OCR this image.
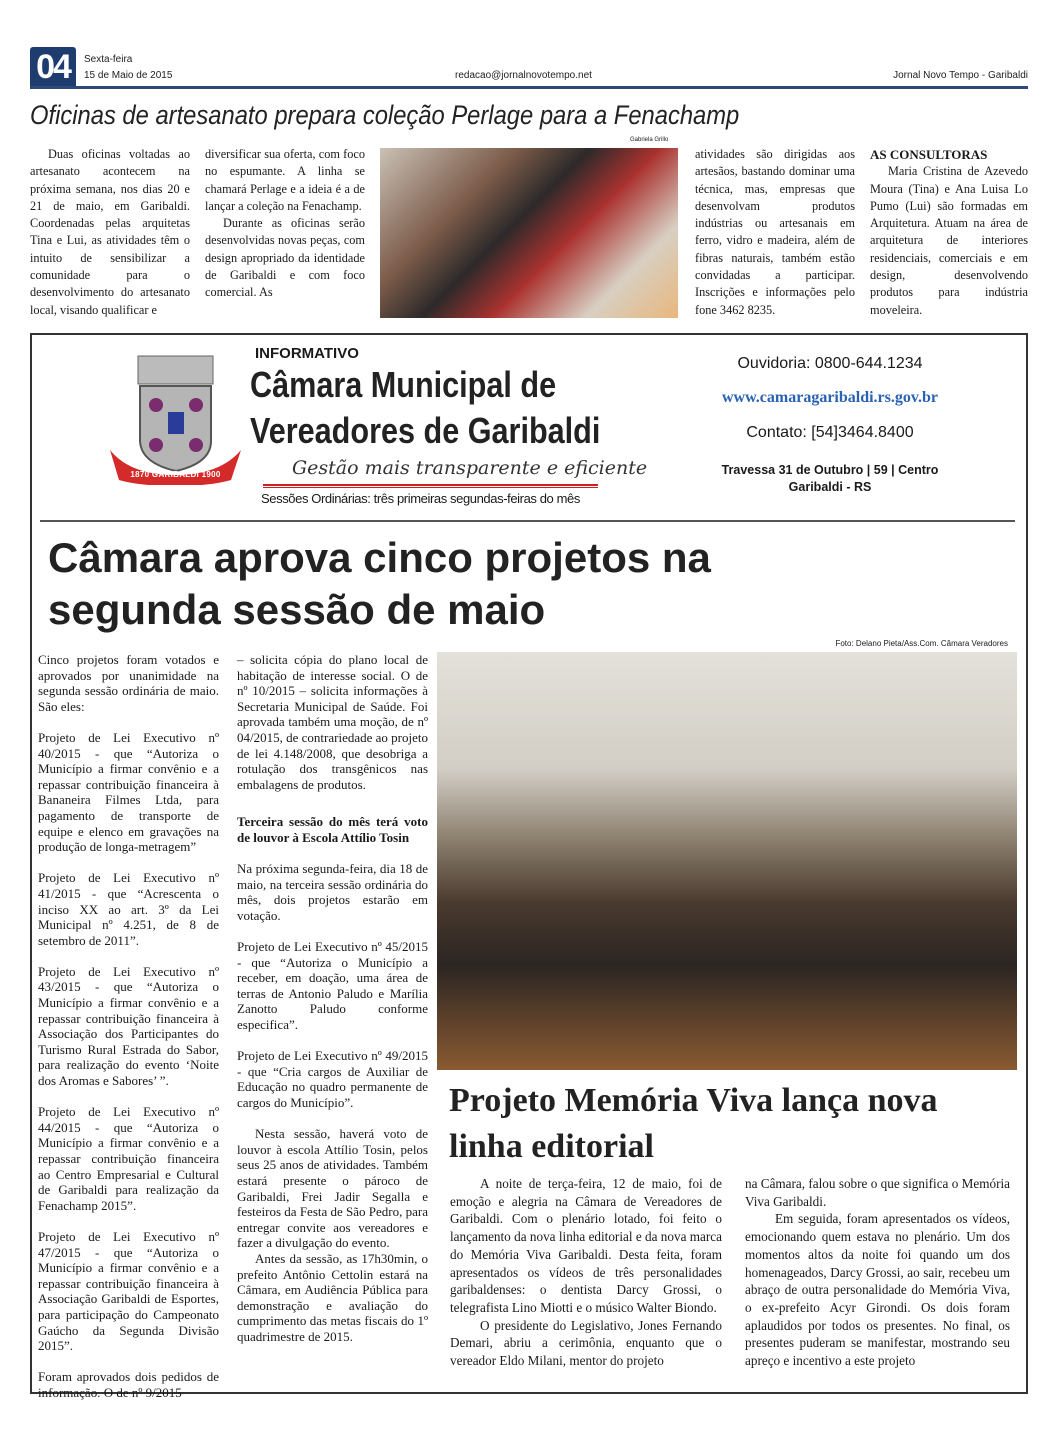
04	Sexta-feira
15 de Maio de 2015	redacao@jornalnovotempo.net	Jornal Novo Tempo - Garibaldi
Oficinas de artesanato prepara coleção Perlage para a Fenachamp

Duas oficinas voltadas ao artesanato acontecem na próxima semana, nos dias 20 e 21 de maio, em Garibaldi. Coordenadas pelas arquitetas Tina e Lui, as atividades têm o intuito de sensibilizar a comunidade para o desenvolvimento do artesanato local, visando qualificar e

diversificar sua oferta, com foco no espumante. A linha se chamará Perlage e a ideia é a de lançar a coleção na Fenachamp.

Durante as oficinas serão desenvolvidas novas peças, com design apropriado da identidade de Garibaldi e com foco comercial. As

Gabriela Grillo

atividades são dirigidas aos artesãos, bastando dominar uma técnica, mas, empresas que desenvolvam produtos indústrias ou artesanais em ferro, vidro e madeira, além de fibras naturais, também estão convidadas a participar. Inscrições e informações pelo fone 3462 8235.

AS CONSULTORAS

Maria Cristina de Azevedo Moura (Tina) e Ana Luisa Lo Pumo (Lui) são formadas em Arquitetura. Atuam na área de arquitetura de interiores residenciais, comerciais e em design, desenvolvendo produtos para indústria moveleira.

1870 GARIBALDI 1900
INFORMATIVO
Câmara Municipal de
Vereadores de Garibaldi
Gestão mais transparente e eficiente
Sessões Ordinárias: três primeiras segundas-feiras do mês
Ouvidoria: 0800-644.1234
www.camaragaribaldi.rs.gov.br
Contato: [54]3464.8400
Travessa 31 de Outubro | 59 | Centro
Garibaldi - RS
Câmara aprova cinco projetos na segunda sessão de maio
Foto: Delano Pieta/Ass.Com. Câmara Veradores

Cinco projetos foram votados e aprovados por unanimidade na segunda sessão ordinária de maio. São eles:

Projeto de Lei Executivo nº 40/2015 - que “Autoriza o Município a firmar convênio e a repassar contribuição financeira à Bananeira Filmes Ltda, para pagamento de transporte de equipe e elenco em gravações na produção de longa-metragem”

Projeto de Lei Executivo nº 41/2015 - que “Acrescenta o inciso XX ao art. 3º da Lei Municipal nº 4.251, de 8 de setembro de 2011”.

Projeto de Lei Executivo nº 43/2015 - que “Autoriza o Município a firmar convênio e a repassar contribuição financeira à Associação dos Participantes do Turismo Rural Estrada do Sabor, para realização do evento ‘Noite dos Aromas e Sabores’ ”.

Projeto de Lei Executivo nº 44/2015 - que “Autoriza o Município a firmar convênio e a repassar contribuição financeira ao Centro Empresarial e Cultural de Garibaldi para realização da Fenachamp 2015”.

Projeto de Lei Executivo nº 47/2015 - que “Autoriza o Município a firmar convênio e a repassar contribuição financeira à Associação Garibaldi de Esportes, para participação do Campeonato Gaúcho da Segunda Divisão 2015”.

Foram aprovados dois pedidos de informação. O de nº 9/2015

– solicita cópia do plano local de habitação de interesse social. O de nº 10/2015 – solicita informações à Secretaria Municipal de Saúde. Foi aprovada também uma moção, de nº 04/2015, de contrariedade ao projeto de lei 4.148/2008, que desobriga a rotulação dos transgênicos nas embalagens de produtos.

Terceira sessão do mês terá voto de louvor à Escola Attílio Tosin

Na próxima segunda-feira, dia 18 de maio, na terceira sessão ordinária do mês, dois projetos estarão em votação.

Projeto de Lei Executivo nº 45/2015 - que “Autoriza o Município a receber, em doação, uma área de terras de Antonio Paludo e Marília Zanotto Paludo conforme especifica”.

Projeto de Lei Executivo nº 49/2015 - que “Cria cargos de Auxiliar de Educação no quadro permanente de cargos do Município”.

Nesta sessão, haverá voto de louvor à escola Attílio Tosin, pelos seus 25 anos de atividades. Também estará presente o pároco de Garibaldi, Frei Jadir Segalla e festeiros da Festa de São Pedro, para entregar convite aos vereadores e fazer a divulgação do evento.

Antes da sessão, as 17h30min, o prefeito Antônio Cettolin estará na Câmara, em Audiência Pública para demonstração e avaliação do cumprimento das metas fiscais do 1º quadrimestre de 2015.

Projeto Memória Viva lança nova linha editorial

A noite de terça-feira, 12 de maio, foi de emoção e alegria na Câmara de Vereadores de Garibaldi. Com o plenário lotado, foi feito o lançamento da nova linha editorial e da nova marca do Memória Viva Garibaldi. Desta feita, foram apresentados os vídeos de três personalidades garibaldenses: o dentista Darcy Grossi, o telegrafista Lino Miotti e o músico Walter Biondo.

O presidente do Legislativo, Jones Fernando Demari, abriu a cerimônia, enquanto que o vereador Eldo Milani, mentor do projeto

na Câmara, falou sobre o que significa o Memória Viva Garibaldi.

Em seguida, foram apresentados os vídeos, emocionando quem estava no plenário. Um dos momentos altos da noite foi quando um dos homenageados, Darcy Grossi, ao sair, recebeu um abraço de outra personalidade do Memória Viva, o ex-prefeito Acyr Girondi. Os dois foram aplaudidos por todos os presentes. No final, os presentes puderam se manifestar, mostrando seu apreço e incentivo a este projeto
